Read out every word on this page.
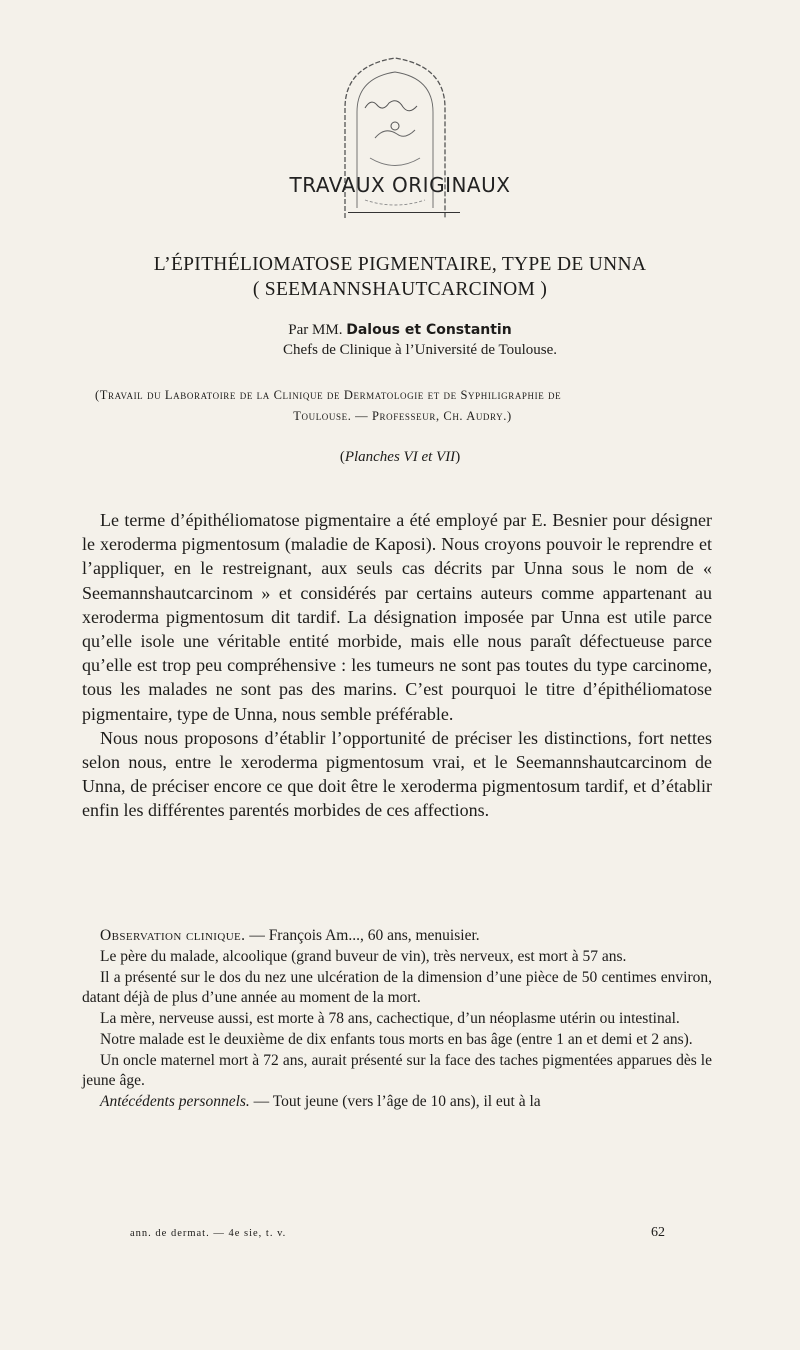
TRAVAUX ORIGINAUX
L’ÉPITHÉLIOMATOSE PIGMENTAIRE, TYPE DE UNNA
( SEEMANNSHAUTCARCINOM )
Par MM. Dalous et Constantin
Chefs de Clinique à l’Université de Toulouse.
(Travail du Laboratoire de la Clinique de Dermatologie et de Syphiligraphie de
Toulouse. — Professeur, Ch. Audry.)
(Planches VI et VII)

Le terme d’épithéliomatose pigmentaire a été employé par E. Besnier pour désigner le xeroderma pigmentosum (maladie de Kaposi). Nous croyons pouvoir le reprendre et l’appliquer, en le restreignant, aux seuls cas décrits par Unna sous le nom de « Seemannshautcarcinom » et considérés par certains auteurs comme appartenant au xeroderma pigmentosum dit tardif. La désignation imposée par Unna est utile parce qu’elle isole une véritable entité morbide, mais elle nous paraît défectueuse parce qu’elle est trop peu compréhensive : les tumeurs ne sont pas toutes du type carcinome, tous les malades ne sont pas des marins. C’est pourquoi le titre d’épithéliomatose pigmentaire, type de Unna, nous semble préférable.

Nous nous proposons d’établir l’opportunité de préciser les distinctions, fort nettes selon nous, entre le xeroderma pigmentosum vrai, et le Seemannshautcarcinom de Unna, de préciser encore ce que doit être le xeroderma pigmentosum tardif, et d’établir enfin les différentes parentés morbides de ces affections.

Observation clinique. — François Am..., 60 ans, menuisier.

Le père du malade, alcoolique (grand buveur de vin), très nerveux, est mort à 57 ans.

Il a présenté sur le dos du nez une ulcération de la dimension d’une pièce de 50 centimes environ, datant déjà de plus d’une année au moment de la mort.

La mère, nerveuse aussi, est morte à 78 ans, cachectique, d’un néoplasme utérin ou intestinal.

Notre malade est le deuxième de dix enfants tous morts en bas âge (entre 1 an et demi et 2 ans).

Un oncle maternel mort à 72 ans, aurait présenté sur la face des taches pigmentées apparues dès le jeune âge.

Antécédents personnels. — Tout jeune (vers l’âge de 10 ans), il eut à la

ann. de dermat. — 4e sie, t. v.	62
